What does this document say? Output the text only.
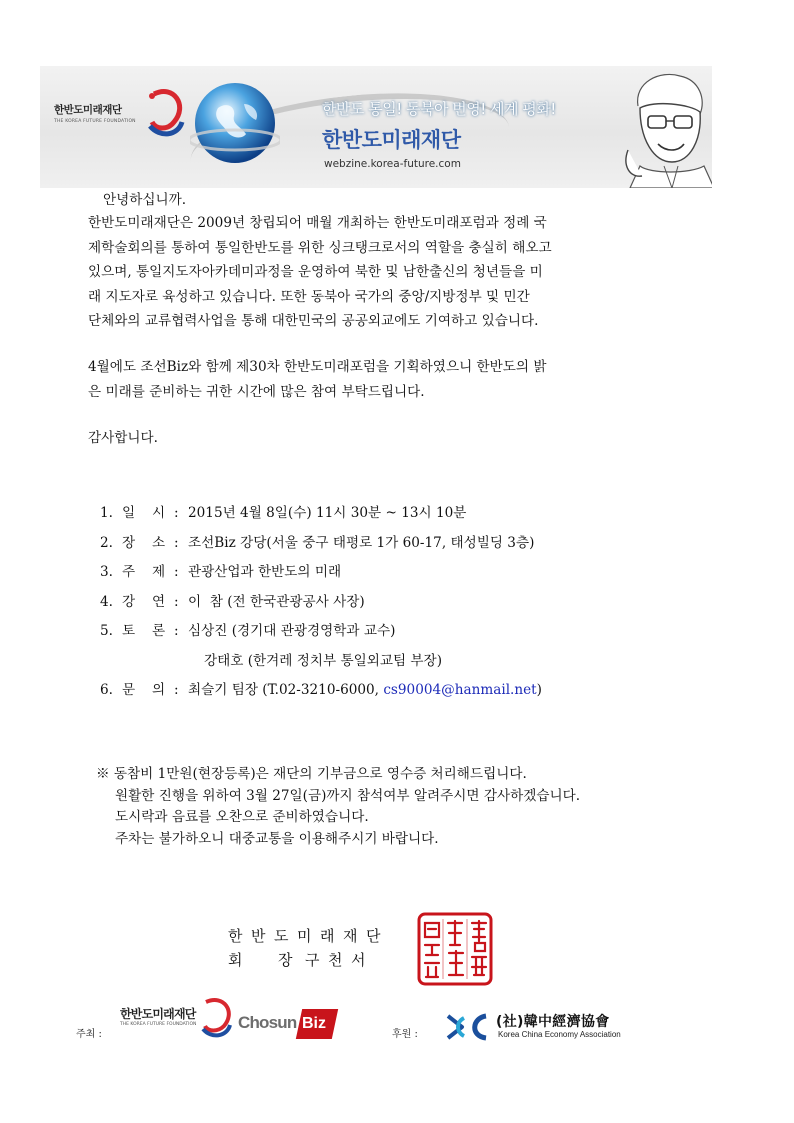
한반도미래재단
THE KOREA FUTURE FOUNDATION
한반도 통일! 동북아 번영! 세계 평화!
한반도미래재단
webzine.korea-future.com
안녕하십니까.
한반도미래재단은 2009년 창립되어 매월 개최하는 한반도미래포럼과 정례 국
제학술회의를 통하여 통일한반도를 위한 싱크탱크로서의 역할을 충실히 해오고
있으며, 통일지도자아카데미과정을 운영하여 북한 및 남한출신의 청년들을 미
래 지도자로 육성하고 있습니다. 또한 동북아 국가의 중앙/지방정부 및 민간
단체와의 교류협력사업을 통해 대한민국의 공공외교에도 기여하고 있습니다.
4월에도 조선Biz와 함께 제30차 한반도미래포럼을 기획하였으니 한반도의 밝
은 미래를 준비하는 귀한 시간에 많은 참여 부탁드립니다.
감사합니다.
1. 일 시 : 2015년 4월 8일(수) 11시 30분 ~ 13시 10분
2. 장 소 : 조선Biz 강당(서울 중구 태평로 1가 60-17, 태성빌딩 3층)
3. 주 제 : 관광산업과 한반도의 미래
4. 강 연 : 이  참 (전 한국관광공사 사장)
5. 토 론 : 심상진 (경기대 관광경영학과 교수)
강태호 (한겨레 정치부 통일외교팀 부장)
6. 문 의 : 최슬기 팀장 (T.02-3210-6000, cs90004@hanmail.net)
※ 동참비 1만원(현장등록)은 재단의 기부금으로 영수증 처리해드립니다.
원활한 진행을 위하여 3월 27일(금)까지 참석여부 알려주시면 감사하겠습니다.
도시락과 음료를 오찬으로 준비하였습니다.
주차는 불가하오니 대중교통을 이용해주시기 바랍니다.
한반도미래재단
회 장 구천서
주최 :
한반도미래재단
THE KOREA FUTURE FOUNDATION Chosun Biz
후원 :
(社)韓中經濟協會
Korea China Economy Association
